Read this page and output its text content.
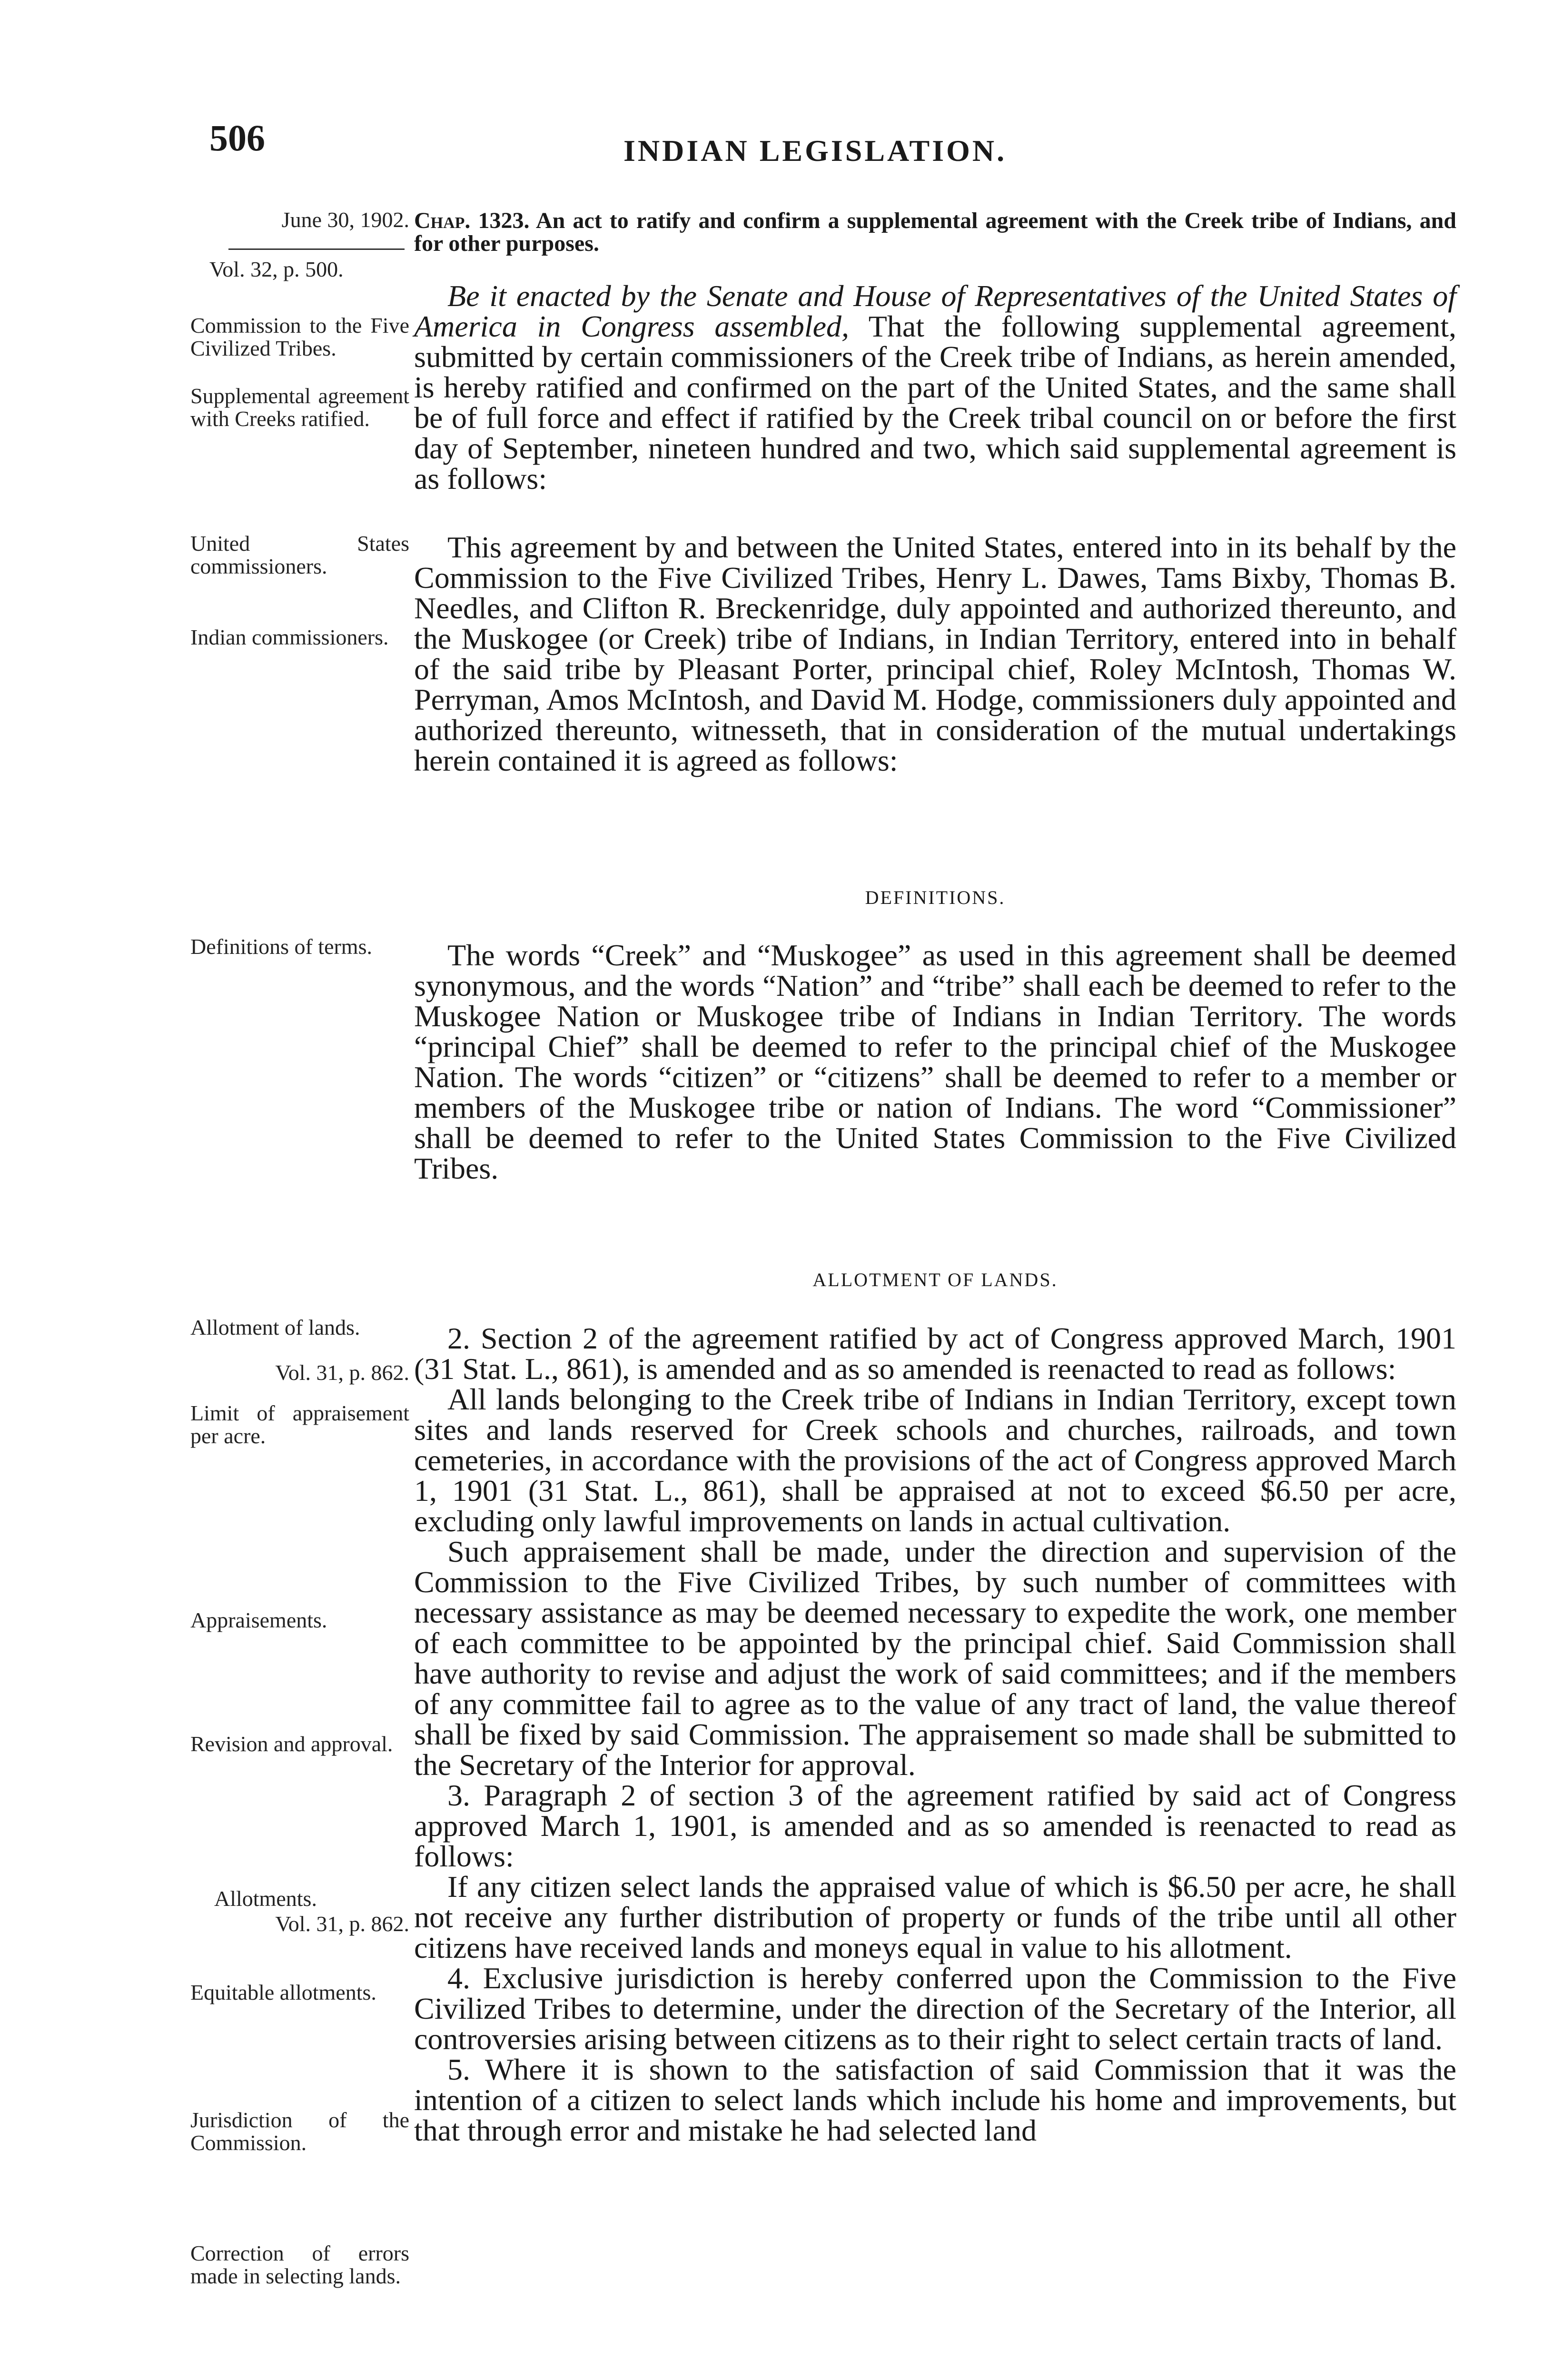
506	INDIAN LEGISLATION.
June 30, 1902.
Vol. 32, p. 500.
Commission to the Five Civilized Tribes.
Supplemental agreement with Creeks ratified.
United States commissioners.
Indian commissioners.
Definitions of terms.
Allotment of lands.
Vol. 31, p. 862.
Limit of appraisement per acre.
Appraisements.
Revision and approval.
Allotments.
Vol. 31, p. 862.
Equitable allotments.
Jurisdiction of the Commission.
Correction of errors made in selecting lands.
Chap. 1323. An act to ratify and confirm a supplemental agreement with the Creek tribe of Indians, and for other purposes.

Be it enacted by the Senate and House of Representatives of the United States of America in Congress assembled, That the following supplemental agreement, submitted by certain commissioners of the Creek tribe of Indians, as herein amended, is hereby ratified and confirmed on the part of the United States, and the same shall be of full force and effect if ratified by the Creek tribal council on or before the first day of September, nineteen hundred and two, which said supplemental agreement is as follows:

This agreement by and between the United States, entered into in its behalf by the Commission to the Five Civilized Tribes, Henry L. Dawes, Tams Bixby, Thomas B. Needles, and Clifton R. Breckenridge, duly appointed and authorized thereunto, and the Muskogee (or Creek) tribe of Indians, in Indian Territory, entered into in behalf of the said tribe by Pleasant Porter, principal chief, Roley McIntosh, Thomas W. Perryman, Amos McIntosh, and David M. Hodge, commissioners duly appointed and authorized thereunto, witnesseth, that in consideration of the mutual undertakings herein contained it is agreed as follows:

DEFINITIONS.

The words “Creek” and “Muskogee” as used in this agreement shall be deemed synonymous, and the words “Nation” and “tribe” shall each be deemed to refer to the Muskogee Nation or Muskogee tribe of Indians in Indian Territory. The words “principal Chief” shall be deemed to refer to the principal chief of the Muskogee Nation. The words “citizen” or “citizens” shall be deemed to refer to a member or members of the Muskogee tribe or nation of Indians. The word “Commissioner” shall be deemed to refer to the United States Commission to the Five Civilized Tribes.

ALLOTMENT OF LANDS.

2. Section 2 of the agreement ratified by act of Congress approved March, 1901 (31 Stat. L., 861), is amended and as so amended is reenacted to read as follows:

All lands belonging to the Creek tribe of Indians in Indian Territory, except town sites and lands reserved for Creek schools and churches, railroads, and town cemeteries, in accordance with the provisions of the act of Congress approved March 1, 1901 (31 Stat. L., 861), shall be appraised at not to exceed $6.50 per acre, excluding only lawful improvements on lands in actual cultivation.

Such appraisement shall be made, under the direction and supervision of the Commission to the Five Civilized Tribes, by such number of committees with necessary assistance as may be deemed necessary to expedite the work, one member of each committee to be appointed by the principal chief. Said Commission shall have authority to revise and adjust the work of said committees; and if the members of any committee fail to agree as to the value of any tract of land, the value thereof shall be fixed by said Commission. The appraisement so made shall be submitted to the Secretary of the Interior for approval.

3. Paragraph 2 of section 3 of the agreement ratified by said act of Congress approved March 1, 1901, is amended and as so amended is reenacted to read as follows:

If any citizen select lands the appraised value of which is $6.50 per acre, he shall not receive any further distribution of property or funds of the tribe until all other citizens have received lands and moneys equal in value to his allotment.

4. Exclusive jurisdiction is hereby conferred upon the Commission to the Five Civilized Tribes to determine, under the direction of the Secretary of the Interior, all controversies arising between citizens as to their right to select certain tracts of land.

5. Where it is shown to the satisfaction of said Commission that it was the intention of a citizen to select lands which include his home and improvements, but that through error and mistake he had selected land
